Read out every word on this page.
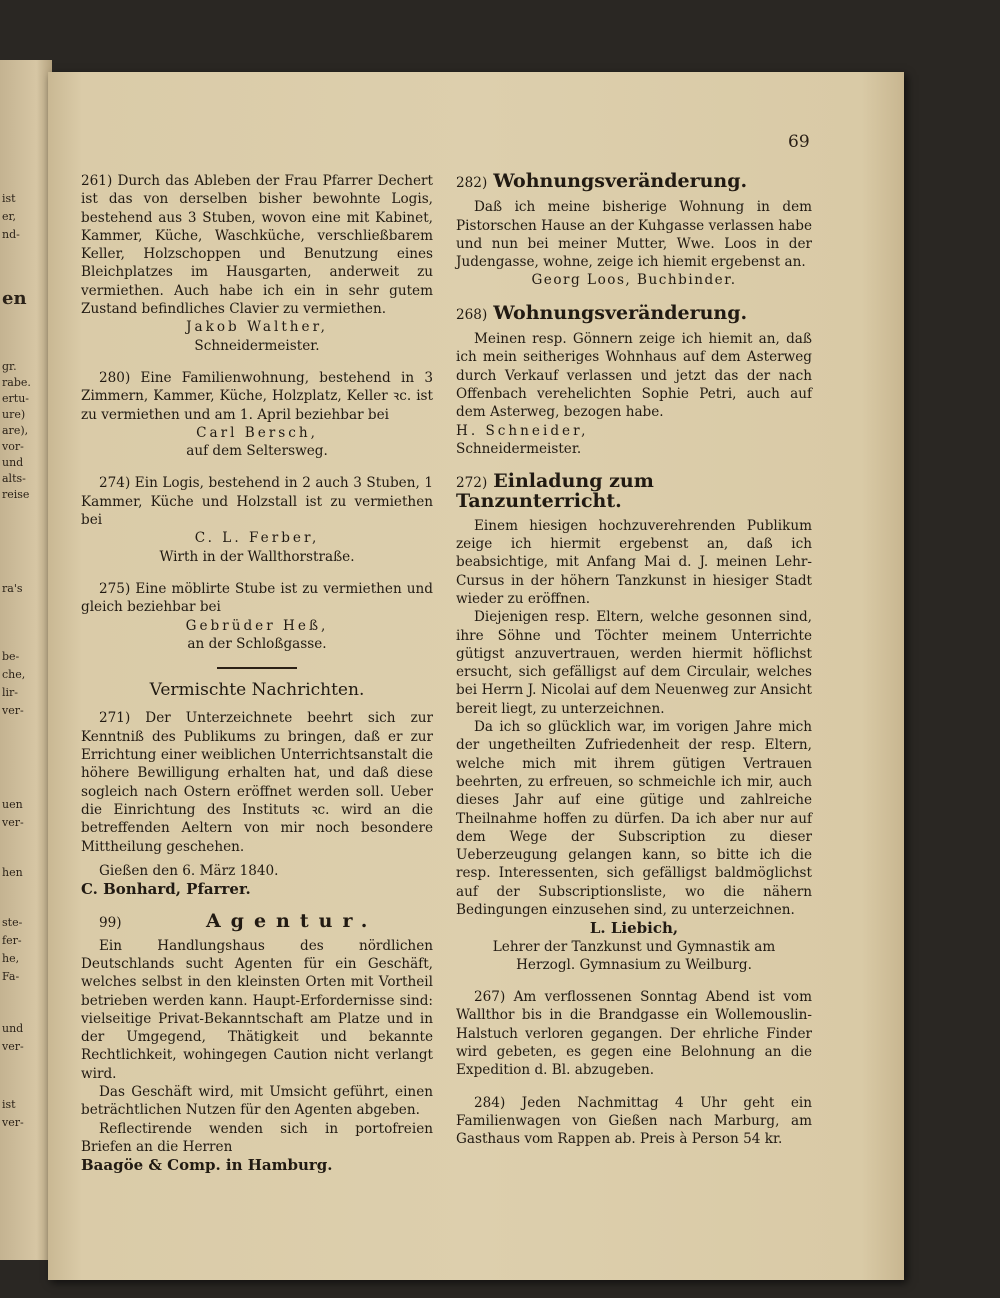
ist
er,
nd-
en
gr.
rabe.
ertu-
ure)
are),
vor-
und
alts-
reise
ra's
be-
che,
lir-
ver-
uen
ver-
hen
ste-
fer-
he,
Fa-
und
ver-
ist
ver-
69

261) Durch das Ableben der Frau Pfarrer Dechert ist das von derselben bisher bewohnte Logis, bestehend aus 3 Stuben, wovon eine mit Kabinet, Kammer, Küche, Waschküche, verschließbarem Keller, Holzschoppen und Benutzung eines Bleichplatzes im Hausgarten, anderweit zu vermiethen. Auch habe ich ein in sehr gutem Zustand befindliches Clavier zu vermiethen.

Jakob Walther,

Schneidermeister.

280) Eine Familienwohnung, bestehend in 3 Zimmern, Kammer, Küche, Holzplatz, Keller ꝛc. ist zu vermiethen und am 1. April beziehbar bei

Carl Bersch,

auf dem Seltersweg.

274) Ein Logis, bestehend in 2 auch 3 Stuben, 1 Kammer, Küche und Holzstall ist zu vermiethen bei

C. L. Ferber,

Wirth in der Wallthorstraße.

275) Eine möblirte Stube ist zu vermiethen und gleich beziehbar bei

Gebrüder Heß,

an der Schloßgasse.

Vermischte Nachrichten.

271) Der Unterzeichnete beehrt sich zur Kenntniß des Publikums zu bringen, daß er zur Errichtung einer weiblichen Unterrichtsanstalt die höhere Bewilligung erhalten hat, und daß diese sogleich nach Ostern eröffnet werden soll. Ueber die Einrichtung des Instituts ꝛc. wird an die betreffenden Aeltern von mir noch besondere Mittheilung geschehen.

Gießen den 6. März 1840.

C. Bonhard, Pfarrer.

99)	Agentur.

Ein Handlungshaus des nördlichen Deutschlands sucht Agenten für ein Geschäft, welches selbst in den kleinsten Orten mit Vortheil betrieben werden kann. Haupt-Erfordernisse sind: vielseitige Privat-Bekanntschaft am Platze und in der Umgegend, Thätigkeit und bekannte Rechtlichkeit, wohingegen Caution nicht verlangt wird.

Das Geschäft wird, mit Umsicht geführt, einen beträchtlichen Nutzen für den Agenten abgeben.

Reflectirende wenden sich in portofreien Briefen an die Herren

Baagöe & Comp. in Hamburg.

282) Wohnungsveränderung.

Daß ich meine bisherige Wohnung in dem Pistorschen Hause an der Kuhgasse verlassen habe und nun bei meiner Mutter, Wwe. Loos in der Judengasse, wohne, zeige ich hiemit ergebenst an.

Georg Loos, Buchbinder.

268) Wohnungsveränderung.

Meinen resp. Gönnern zeige ich hiemit an, daß ich mein seitheriges Wohnhaus auf dem Asterweg durch Verkauf verlassen und jetzt das der nach Offenbach verehelichten Sophie Petri, auch auf dem Asterweg, bezogen habe.

H. Schneider,

Schneidermeister.

272) Einladung zum Tanzunterricht.

Einem hiesigen hochzuverehrenden Publikum zeige ich hiermit ergebenst an, daß ich beabsichtige, mit Anfang Mai d. J. meinen Lehr-Cursus in der höhern Tanzkunst in hiesiger Stadt wieder zu eröffnen.

Diejenigen resp. Eltern, welche gesonnen sind, ihre Söhne und Töchter meinem Unterrichte gütigst anzuvertrauen, werden hiermit höflichst ersucht, sich gefälligst auf dem Circulair, welches bei Herrn J. Nicolai auf dem Neuenweg zur Ansicht bereit liegt, zu unterzeichnen.

Da ich so glücklich war, im vorigen Jahre mich der ungetheilten Zufriedenheit der resp. Eltern, welche mich mit ihrem gütigen Vertrauen beehrten, zu erfreuen, so schmeichle ich mir, auch dieses Jahr auf eine gütige und zahlreiche Theilnahme hoffen zu dürfen. Da ich aber nur auf dem Wege der Subscription zu dieser Ueberzeugung gelangen kann, so bitte ich die resp. Interessenten, sich gefälligst baldmöglichst auf der Subscriptionsliste, wo die nähern Bedingungen einzusehen sind, zu unterzeichnen.

L. Liebich,

Lehrer der Tanzkunst und Gymnastik am

Herzogl. Gymnasium zu Weilburg.

267) Am verflossenen Sonntag Abend ist vom Wallthor bis in die Brandgasse ein Wollemouslin-Halstuch verloren gegangen. Der ehrliche Finder wird gebeten, es gegen eine Belohnung an die Expedition d. Bl. abzugeben.

284) Jeden Nachmittag 4 Uhr geht ein Familienwagen von Gießen nach Marburg, am Gasthaus vom Rappen ab. Preis à Person 54 kr.
